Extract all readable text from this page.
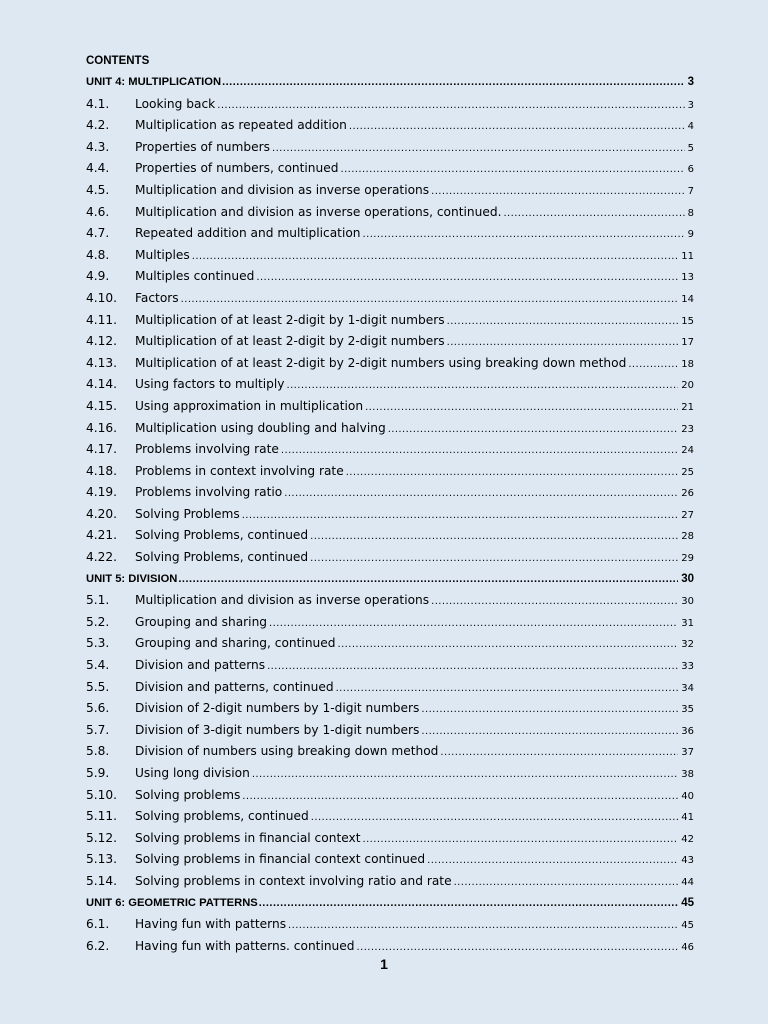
CONTENTS
UNIT 4: MULTIPLICATION .....	3
4.1.	Looking back .....	3
4.2.	Multiplication as repeated addition .....	4
4.3.	Properties of numbers .....	5
4.4.	Properties of numbers, continued .....	6
4.5.	Multiplication and division as inverse operations .....	7
4.6.	Multiplication and division as inverse operations, continued. .....	8
4.7.	Repeated addition and multiplication .....	9
4.8.	Multiples .....	11
4.9.	Multiples continued .....	13
4.10.	Factors .....	14
4.11.	Multiplication of at least 2-digit by 1-digit numbers .....	15
4.12.	Multiplication of at least 2-digit by 2-digit numbers .....	17
4.13.	Multiplication of at least 2-digit by 2-digit numbers using breaking down method .....	18
4.14.	Using factors to multiply .....	20
4.15.	Using approximation in multiplication .....	21
4.16.	Multiplication using doubling and halving .....	23
4.17.	Problems involving rate .....	24
4.18.	Problems in context involving rate .....	25
4.19.	Problems involving ratio .....	26
4.20.	Solving Problems .....	27
4.21.	Solving Problems, continued .....	28
4.22.	Solving Problems, continued .....	29
UNIT 5: DIVISION .....	30
5.1.	Multiplication and division as inverse operations .....	30
5.2.	Grouping and sharing .....	31
5.3.	Grouping and sharing, continued .....	32
5.4.	Division and patterns .....	33
5.5.	Division and patterns, continued .....	34
5.6.	Division of 2-digit numbers by 1-digit numbers .....	35
5.7.	Division of 3-digit numbers by 1-digit numbers .....	36
5.8.	Division of numbers using breaking down method .....	37
5.9.	Using long division .....	38
5.10.	Solving problems .....	40
5.11.	Solving problems, continued .....	41
5.12.	Solving problems in financial context .....	42
5.13.	Solving problems in financial context continued .....	43
5.14.	Solving problems in context involving ratio and rate .....	44
UNIT 6: GEOMETRIC PATTERNS .....	45
6.1.	Having fun with patterns .....	45
6.2.	Having fun with patterns. continued .....	46
1
